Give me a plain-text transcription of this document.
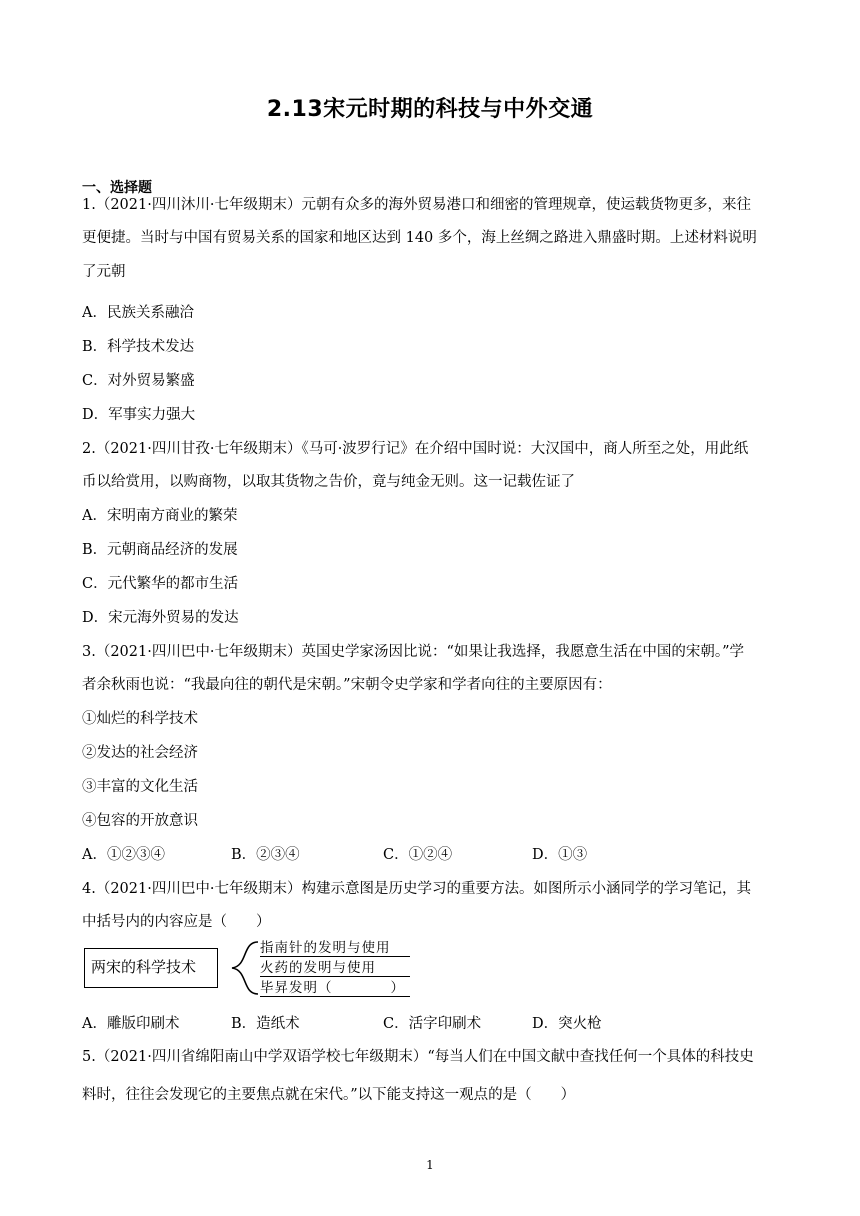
2.13宋元时期的科技与中外交通
一、选择题
1.（2021·四川沐川·七年级期末）元朝有众多的海外贸易港口和细密的管理规章，使运载货物更多，来往
更便捷。当时与中国有贸易关系的国家和地区达到 140 多个，海上丝绸之路进入鼎盛时期。上述材料说明
了元朝
A．民族关系融洽
B．科学技术发达
C．对外贸易繁盛
D．军事实力强大
2.（2021·四川甘孜·七年级期末）《马可·波罗行记》在介绍中国时说：大汉国中，商人所至之处，用此纸
币以给赏用，以购商物，以取其货物之告价，竟与纯金无则。这一记载佐证了
A．宋明南方商业的繁荣
B．元朝商品经济的发展
C．元代繁华的都市生活
D．宋元海外贸易的发达
3.（2021·四川巴中·七年级期末）英国史学家汤因比说：“如果让我选择，我愿意生活在中国的宋朝。”学
者余秋雨也说：“我最向往的朝代是宋朝。”宋朝令史学家和学者向往的主要原因有：
①灿烂的科学技术
②发达的社会经济
③丰富的文化生活
④包容的开放意识
A．①②③④	B．②③④	C．①②④	D．①③
4.（2021·四川巴中·七年级期末）构建示意图是历史学习的重要方法。如图所示小涵同学的学习笔记，其
中括号内的内容应是（　　）
两宋的科学技术
指南针的发明与使用
火药的发明与使用
毕昇发明（　　　　）
A．雕版印刷术	B．造纸术	C．活字印刷术	D．突火枪
5.（2021·四川省绵阳南山中学双语学校七年级期末）“每当人们在中国文献中查找任何一个具体的科技史
料时，往往会发现它的主要焦点就在宋代。”以下能支持这一观点的是（　　）
1
